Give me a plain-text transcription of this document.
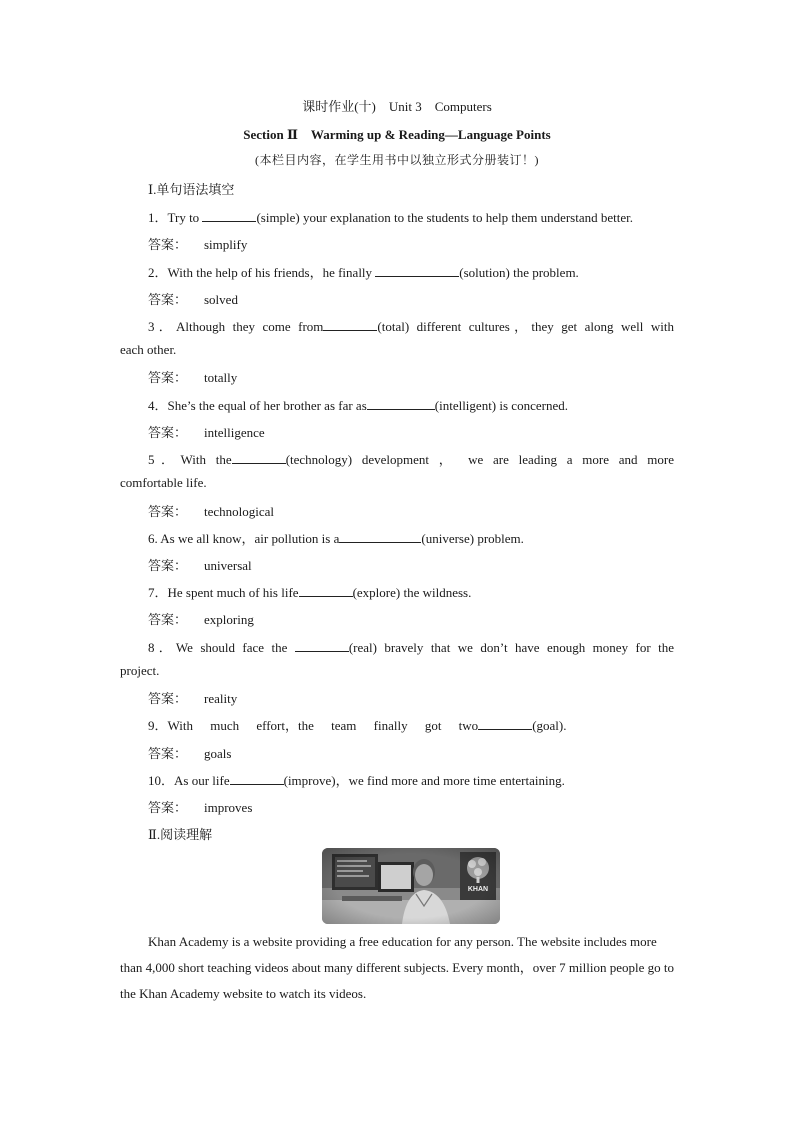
课时作业(十)　Unit 3　Computers
Section Ⅱ　Warming up & Reading—Language Points
(本栏目内容，在学生用书中以独立形式分册装订！)
Ⅰ.单句语法填空
1．Try to	(simple) your explanation to the students to help them understand better.
答案： simplify
2．With the help of his friends，he finally	(solution) the problem.
答案： solved
3．Although they come from	(total) different cultures，they get along well with
each other.
答案： totally
4．She’s the equal of her brother as far as	(intelligent) is concerned.
答案： intelligence
5．With the	(technology) development ， we are leading a more and more
comfortable life.
答案： technological
6. As we all know，air pollution is a	(universe) problem.
答案： universal
7．He spent much of his life	(explore) the wildness.
答案： exploring
8．We should face the	(real) bravely that we don’t have enough money for the
project.
答案： reality
9．With much effort，the team finally got two	(goal).
答案： goals
10．As our life	(improve)，we find more and more time entertaining.
答案： improves
Ⅱ.阅读理解
Khan Academy is a website providing a free education for any person. The website includes more than 4,000 short teaching videos about many different subjects. Every month，over 7 million people go to the Khan Academy website to watch its videos.
